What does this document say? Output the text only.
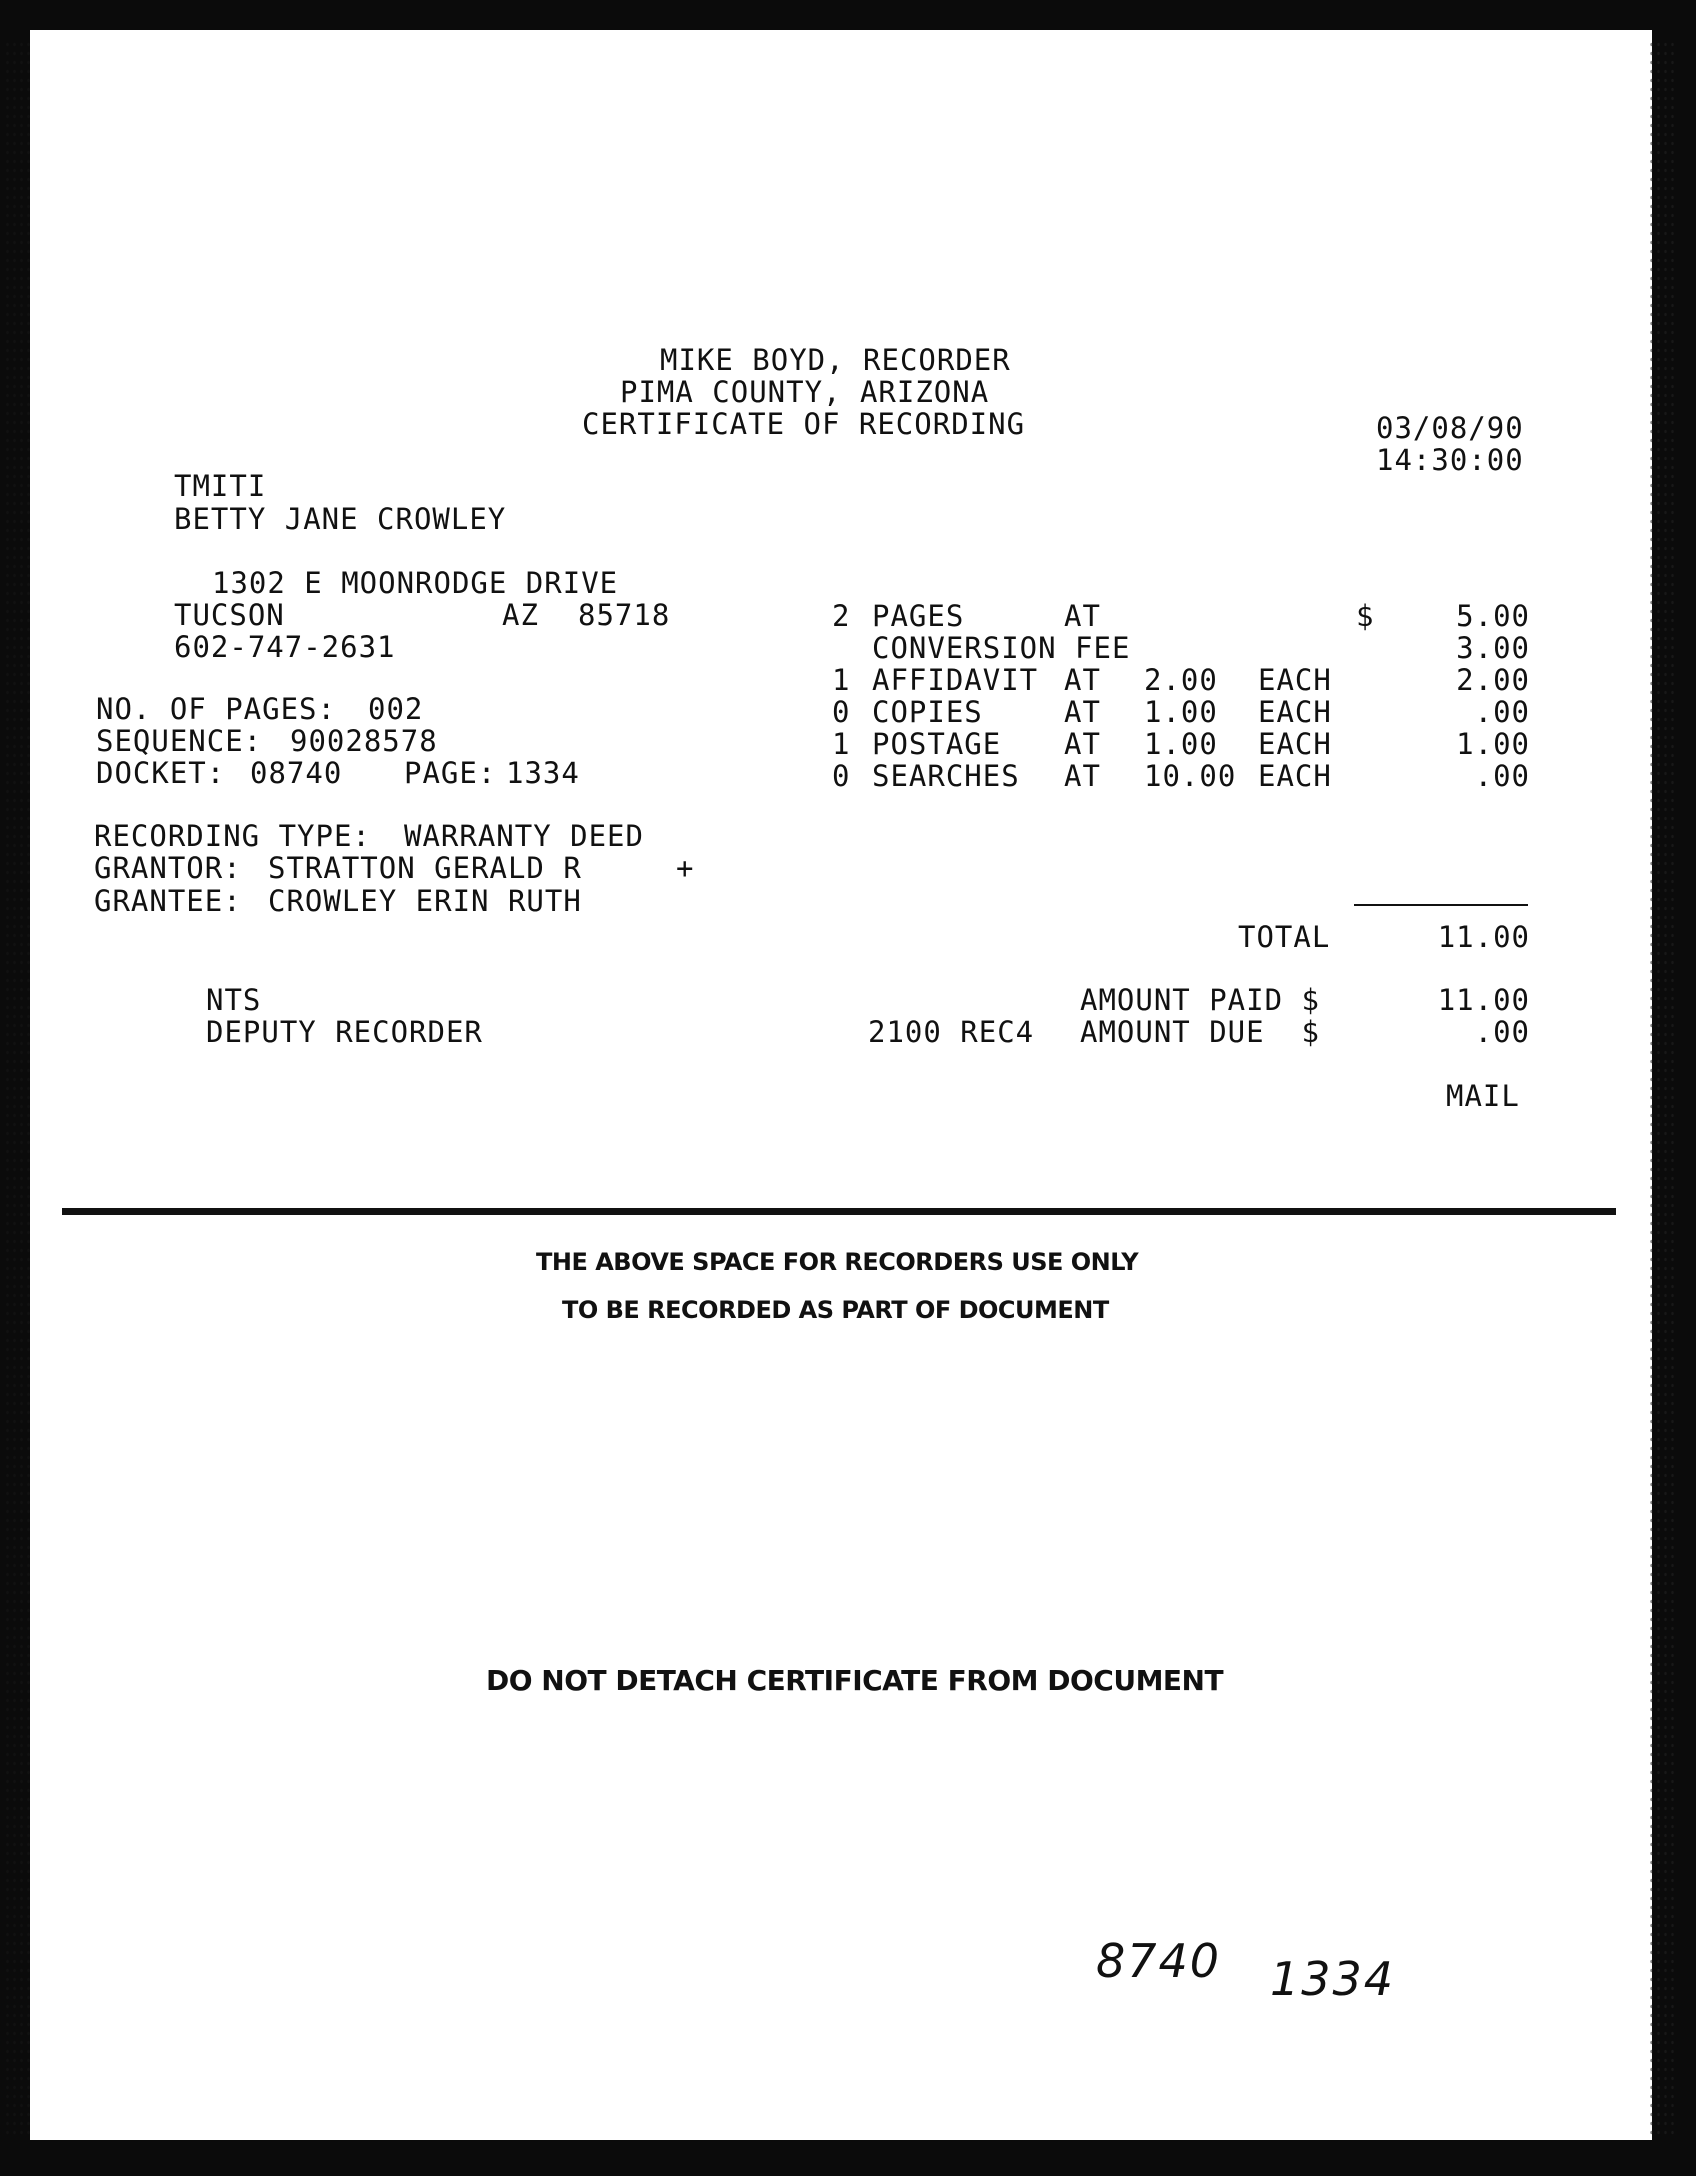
MIKE BOYD, RECORDER
PIMA COUNTY, ARIZONA
CERTIFICATE OF RECORDING	03/08/90
14:30:00
TMITI
BETTY JANE CROWLEY
1302 E MOONRODGE DRIVE
TUCSON	AZ 85718
602-747-2631
NO. OF PAGES: 002
SEQUENCE: 90028578
DOCKET: 08740 PAGE: 1334
RECORDING TYPE: WARRANTY DEED
GRANTOR: STRATTON GERALD R	+
GRANTEE: CROWLEY ERIN RUTH
2 PAGES	AT	$	5.00
CONVERSION FEE	3.00
1 AFFIDAVIT AT 2.00 EACH	2.00
0 COPIES	AT 1.00 EACH	.00
1 POSTAGE AT 1.00 EACH	1.00
0 SEARCHES AT 10.00 EACH	.00
TOTAL	11.00
NTS
DEPUTY RECORDER
AMOUNT PAID $	11.00
2100 REC4 AMOUNT DUE  $	.00
MAIL
THE ABOVE SPACE FOR RECORDERS USE ONLY
TO BE RECORDED AS PART OF DOCUMENT
DO NOT DETACH CERTIFICATE FROM DOCUMENT
8740 1334
